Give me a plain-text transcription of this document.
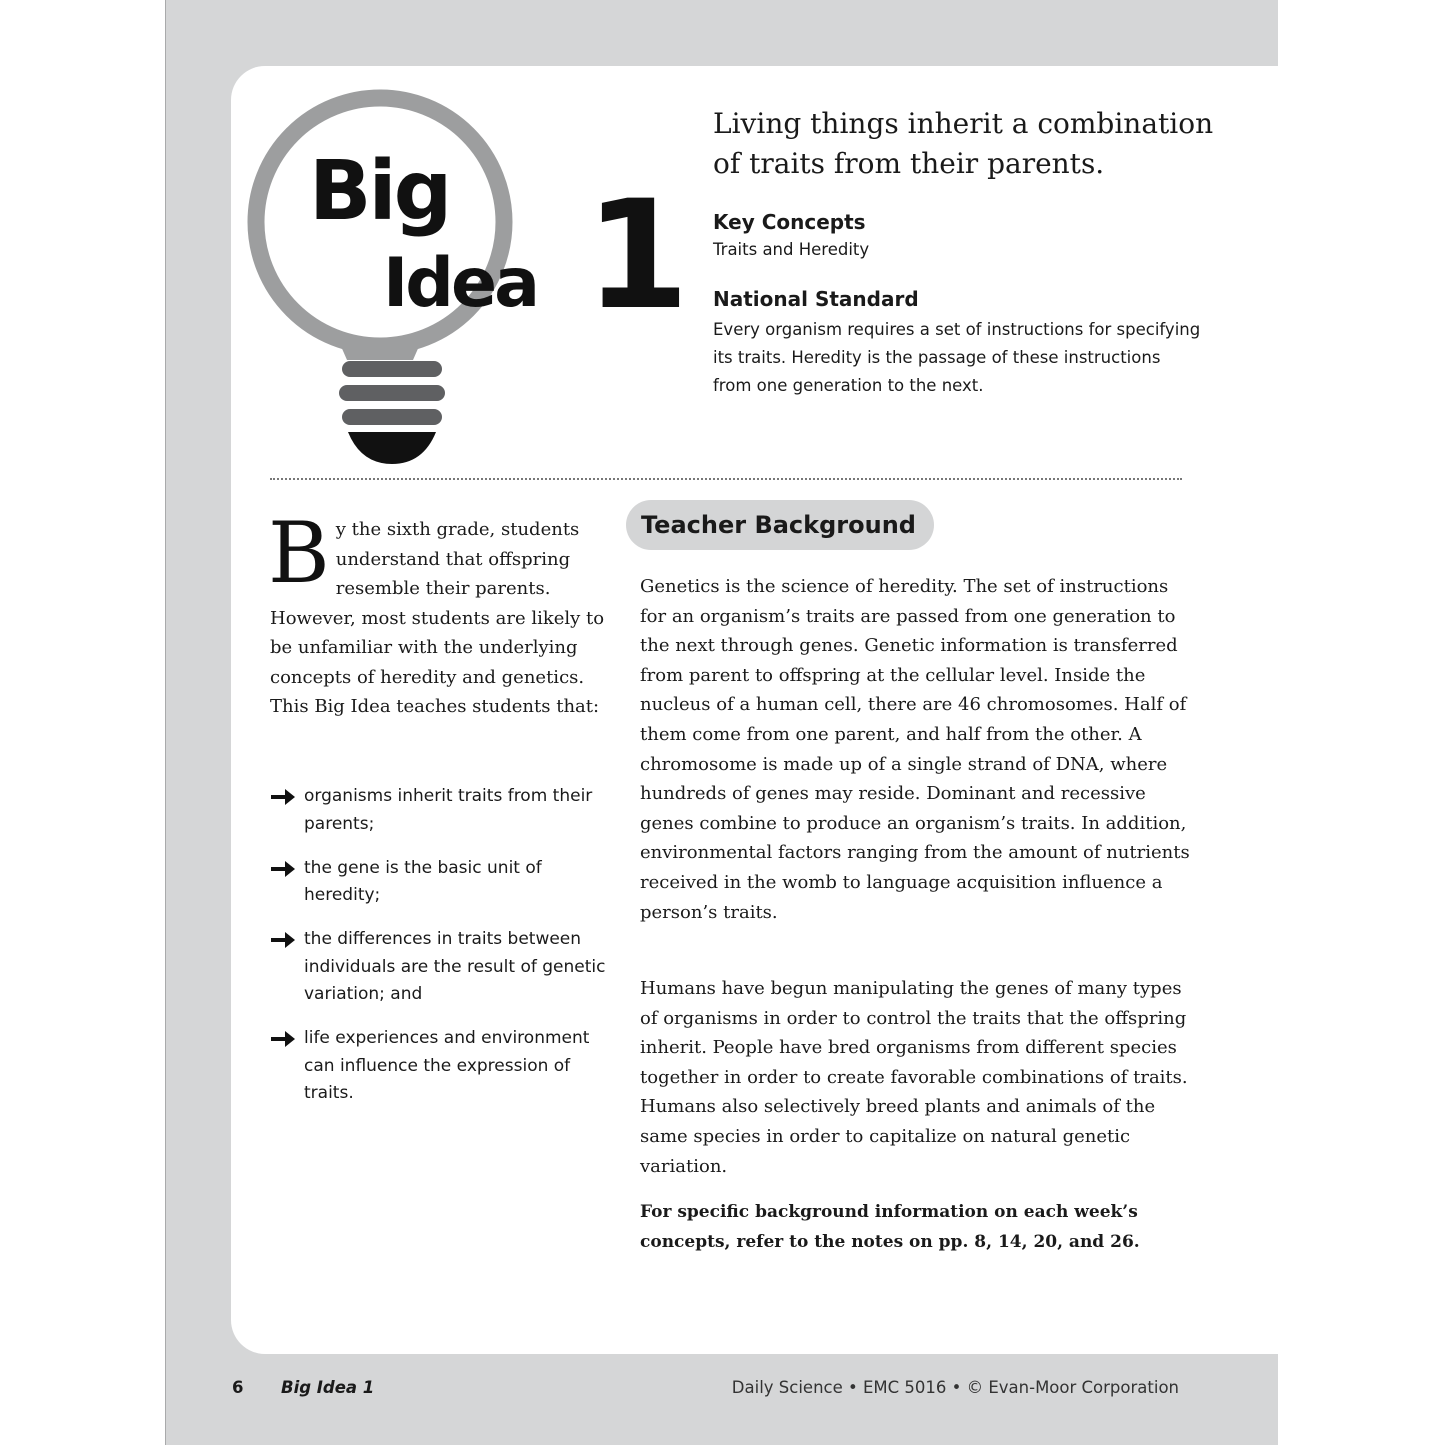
Big
Idea 1
Living things inherit a combination of traits from their parents.
Key Concepts

Traits and Heredity

National Standard

Every organism requires a set of instructions for specifying its traits. Heredity is the passage of these instructions from one generation to the next.

By the sixth grade, students understand that offspring resemble their parents. However, most students are likely to be unfamiliar with the underlying concepts of heredity and genetics. This Big Idea teaches students that:

organisms inherit traits from their parents;
the gene is the basic unit of heredity;
the differences in traits between individuals are the result of genetic variation; and
life experiences and environment can influence the expression of traits.
Teacher Background

Genetics is the science of heredity. The set of instructions for an organism’s traits are passed from one generation to the next through genes. Genetic information is transferred from parent to offspring at the cellular level. Inside the nucleus of a human cell, there are 46 chromosomes. Half of them come from one parent, and half from the other. A chromosome is made up of a single strand of DNA, where hundreds of genes may reside. Dominant and recessive genes combine to produce an organism’s traits. In addition, environmental factors ranging from the amount of nutrients received in the womb to language acquisition influence a person’s traits.

Humans have begun manipulating the genes of many types of organisms in order to control the traits that the offspring inherit. People have bred organisms from different species together in order to create favorable combinations of traits. Humans also selectively breed plants and animals of the same species in order to capitalize on natural genetic variation.

For specific background information on each week’s concepts, refer to the notes on pp. 8, 14, 20, and 26.

6 Big Idea 1	Daily Science • EMC 5016 • © Evan-Moor Corporation
